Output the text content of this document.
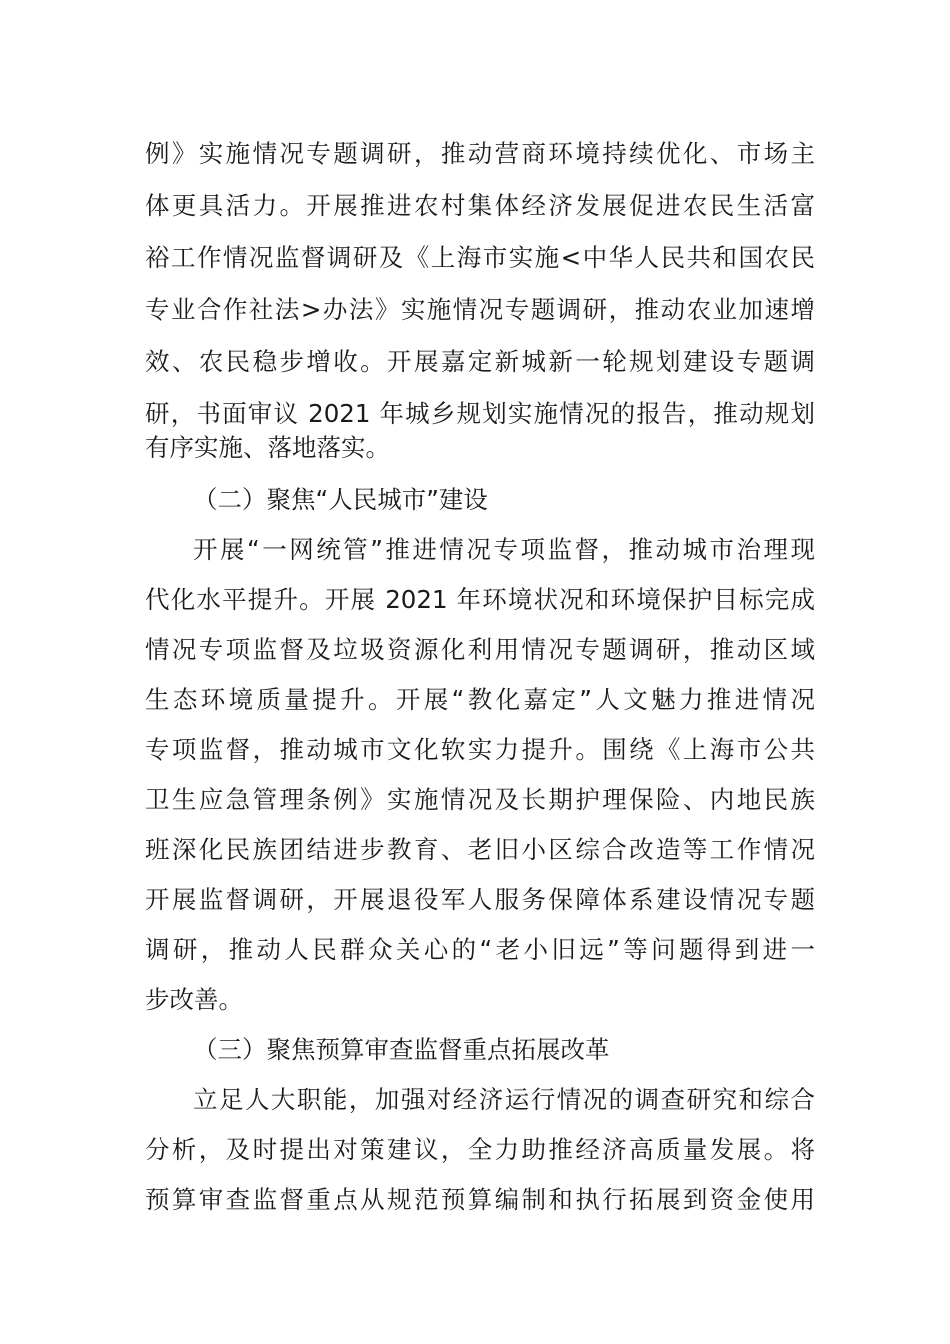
例》实施情况专题调研，推动营商环境持续优化、市场主
体更具活力。开展推进农村集体经济发展促进农民生活富
裕工作情况监督调研及《上海市实施<中华人民共和国农民
专业合作社法>办法》实施情况专题调研，推动农业加速增
效、农民稳步增收。开展嘉定新城新一轮规划建设专题调
研，书面审议 2021 年城乡规划实施情况的报告，推动规划
有序实施、落地落实。
（二）聚焦“人民城市”建设
开展“一网统管”推进情况专项监督，推动城市治理现
代化水平提升。开展 2021 年环境状况和环境保护目标完成
情况专项监督及垃圾资源化利用情况专题调研，推动区域
生态环境质量提升。开展“教化嘉定”人文魅力推进情况
专项监督，推动城市文化软实力提升。围绕《上海市公共
卫生应急管理条例》实施情况及长期护理保险、内地民族
班深化民族团结进步教育、老旧小区综合改造等工作情况
开展监督调研，开展退役军人服务保障体系建设情况专题
调研，推动人民群众关心的“老小旧远”等问题得到进一
步改善。
（三）聚焦预算审查监督重点拓展改革
立足人大职能，加强对经济运行情况的调查研究和综合
分析，及时提出对策建议，全力助推经济高质量发展。将
预算审查监督重点从规范预算编制和执行拓展到资金使用
